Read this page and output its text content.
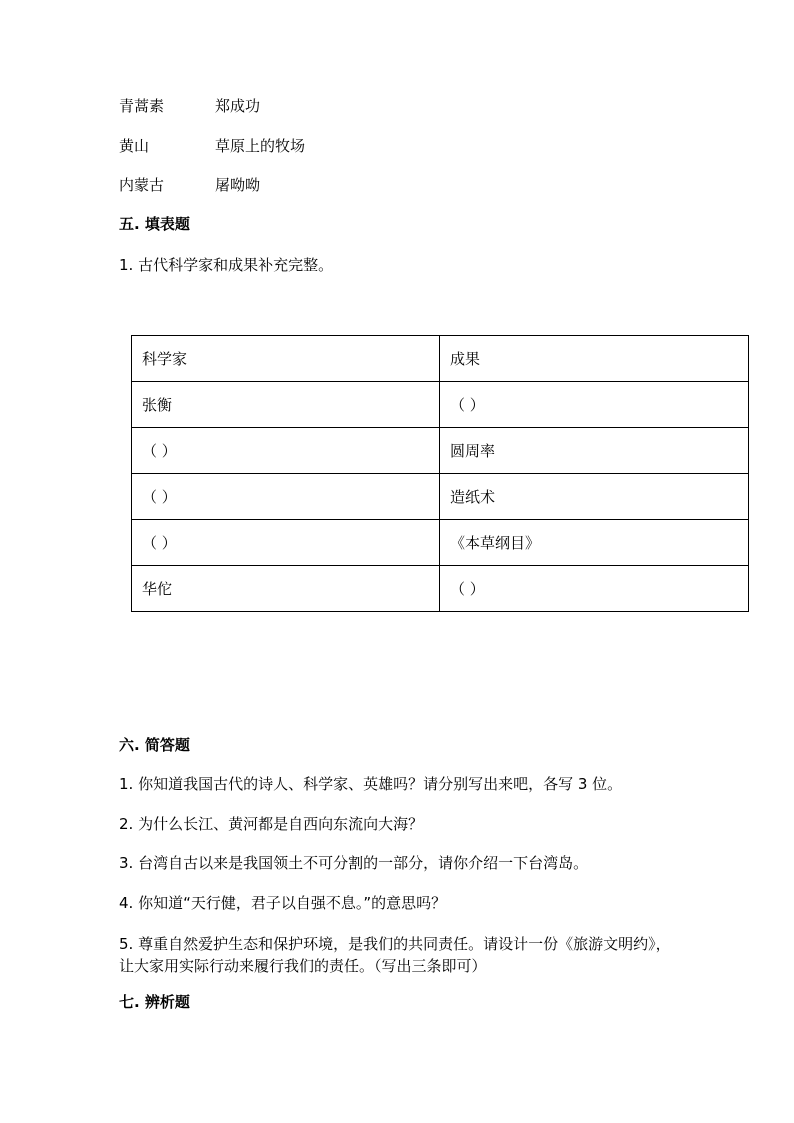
青蒿素	郑成功
黄山	草原上的牧场
内蒙古	屠呦呦
五. 填表题
1. 古代科学家和成果补充完整。
科学家	成果
张衡	（ ）
（ ）	圆周率
（ ）	造纸术
（ ）	《本草纲目》
华佗	（ ）
六. 简答题
1. 你知道我国古代的诗人、科学家、英雄吗？请分别写出来吧，各写 3 位。
2. 为什么长江、黄河都是自西向东流向大海？
3. 台湾自古以来是我国领土不可分割的一部分，请你介绍一下台湾岛。
4. 你知道“天行健，君子以自强不息。”的意思吗？
5. 尊重自然爱护生态和保护环境，是我们的共同责任。请设计一份《旅游文明约》，让大家用实际行动来履行我们的责任。（写出三条即可）
七. 辨析题
